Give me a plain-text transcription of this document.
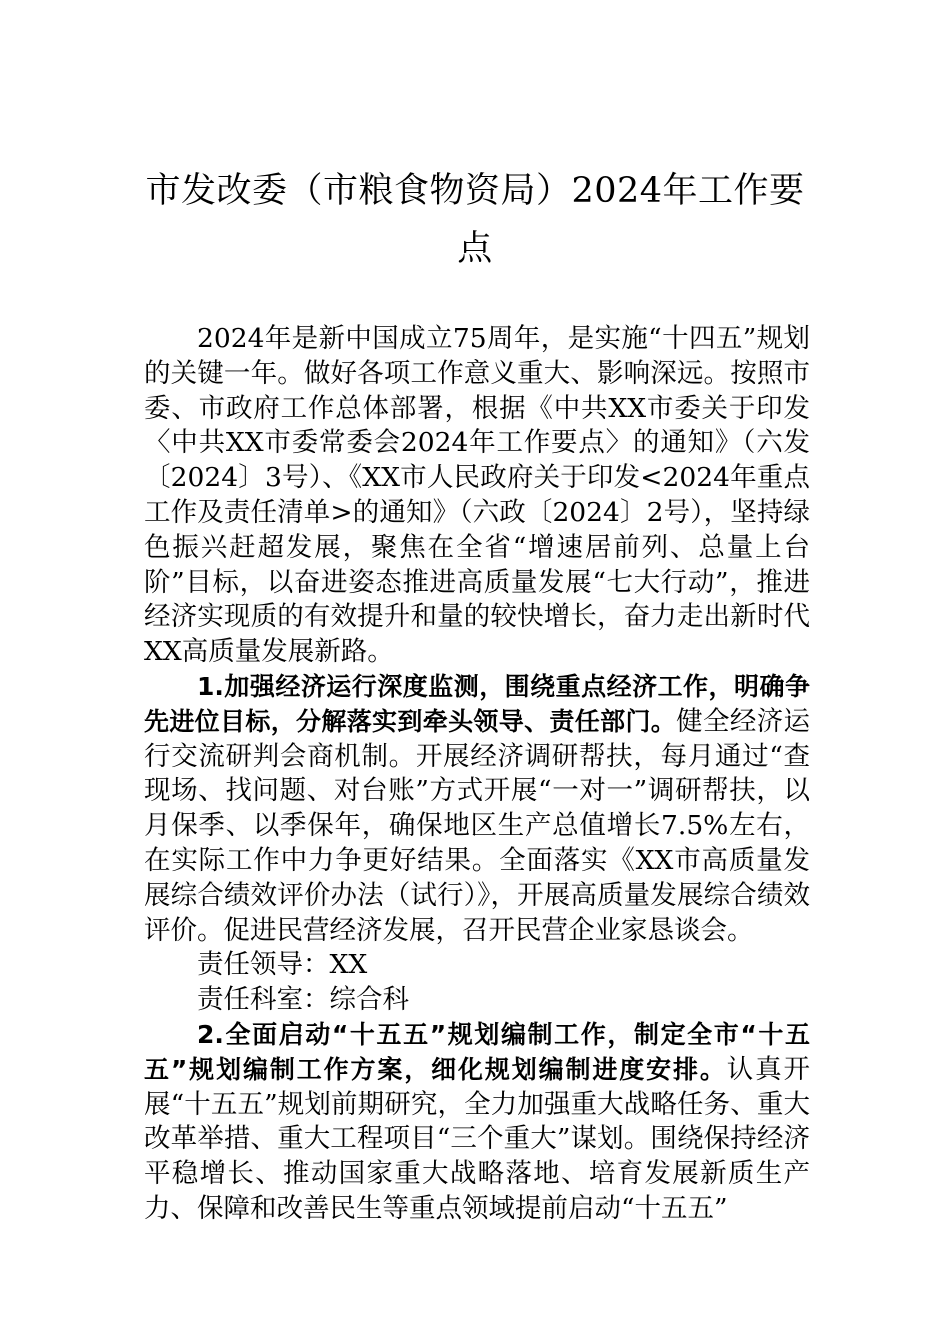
市发改委（市粮食物资局）2024年工作要
点

2024年是新中国成立75周年，是实施“十四五”规划的关键一年。做好各项工作意义重大、影响深远。按照市委、市政府工作总体部署，根据《中共XX市委关于印发〈中共XX市委常委会2024年工作要点〉的通知》（六发〔2024〕3号）、《XX市人民政府关于印发<2024年重点工作及责任清单>的通知》（六政〔2024〕2号），坚持绿色振兴赶超发展，聚焦在全省“增速居前列、总量上台阶”目标，以奋进姿态推进高质量发展“七大行动”，推进经济实现质的有效提升和量的较快增长，奋力走出新时代XX高质量发展新路。

1.加强经济运行深度监测，围绕重点经济工作，明确争先进位目标，分解落实到牵头领导、责任部门。健全经济运行交流研判会商机制。开展经济调研帮扶，每月通过“查现场、找问题、对台账”方式开展“一对一”调研帮扶，以月保季、以季保年，确保地区生产总值增长7.5%左右，在实际工作中力争更好结果。全面落实《XX市高质量发展综合绩效评价办法（试行）》，开展高质量发展综合绩效评价。促进民营经济发展，召开民营企业家恳谈会。

责任领导：XX

责任科室：综合科

2.全面启动“十五五”规划编制工作，制定全市“十五五”规划编制工作方案，细化规划编制进度安排。认真开展“十五五”规划前期研究，全力加强重大战略任务、重大改革举措、重大工程项目“三个重大”谋划。围绕保持经济平稳增长、推动国家重大战略落地、培育发展新质生产力、保障和改善民生等重点领域提前启动“十五五”
